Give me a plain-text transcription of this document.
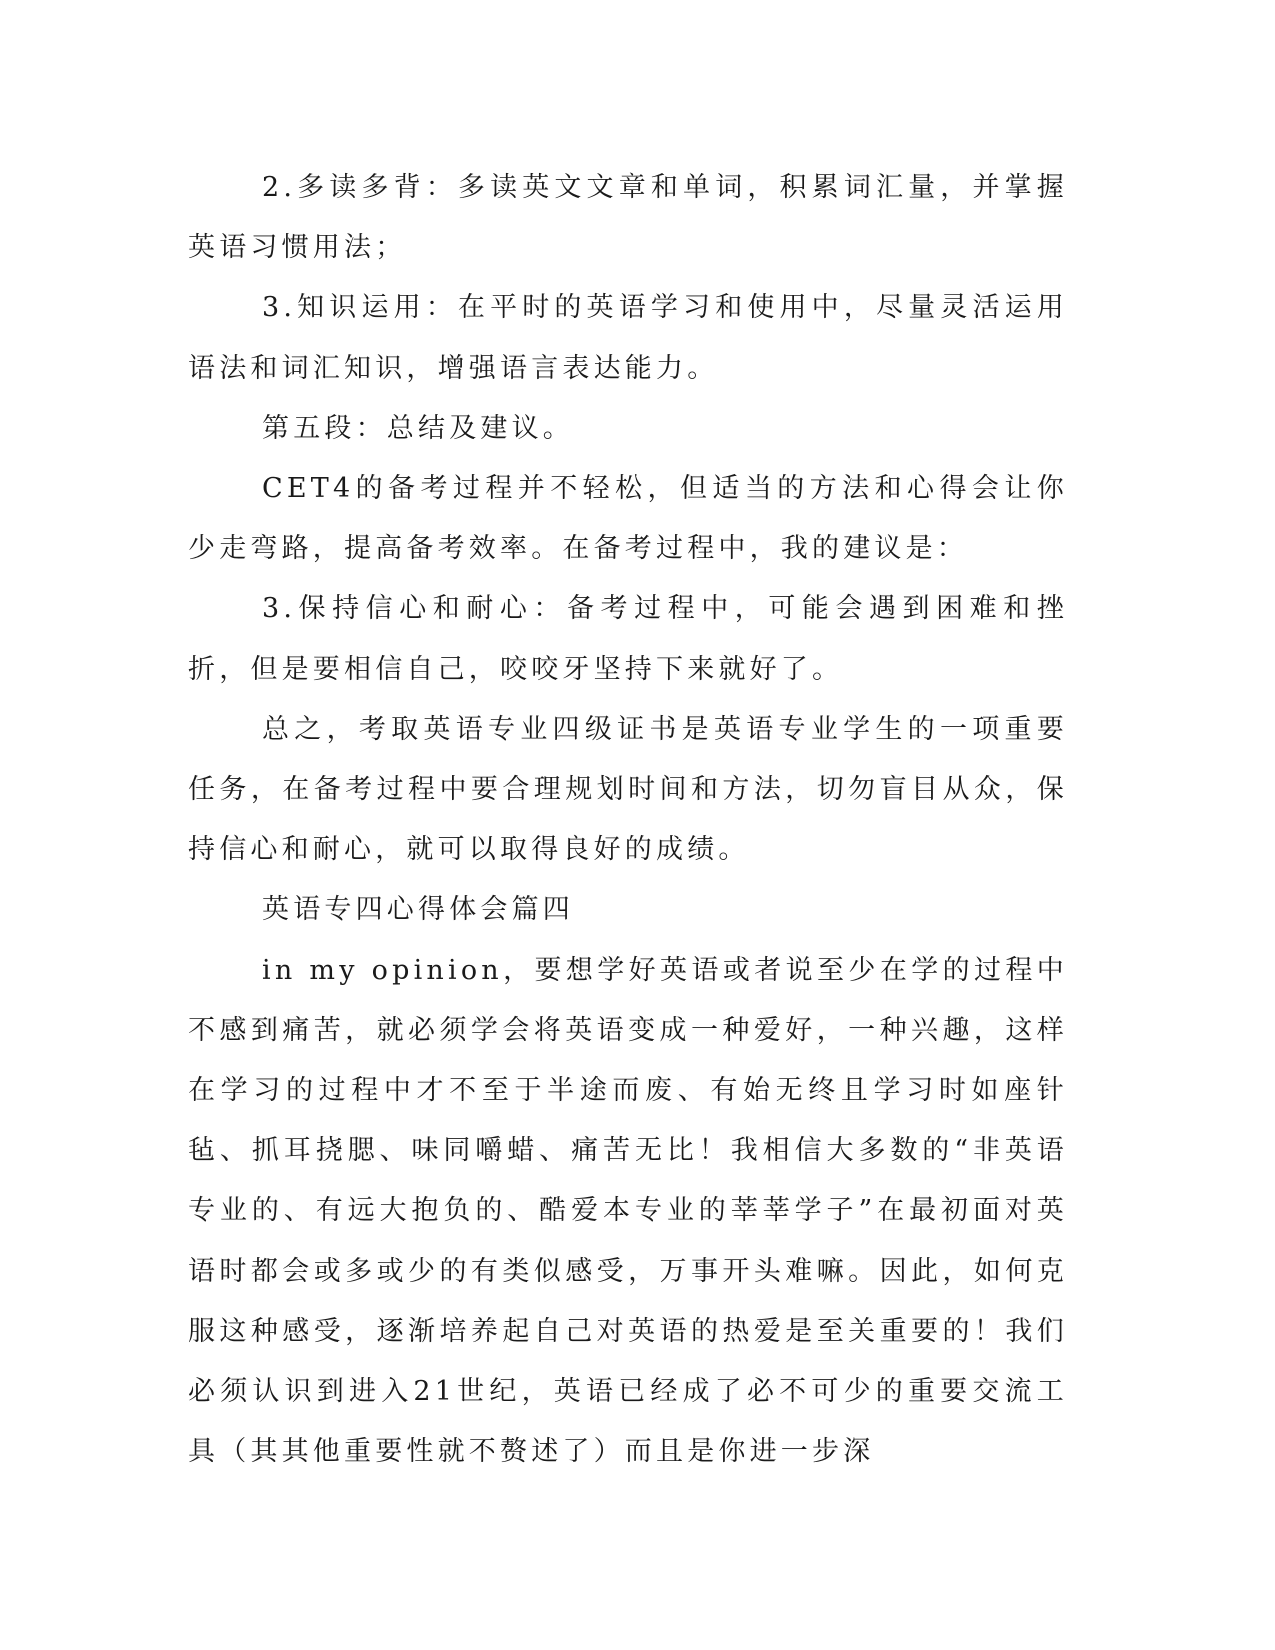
2.多读多背：多读英文文章和单词，积累词汇量，并掌握英语习惯用法；

3.知识运用：在平时的英语学习和使用中，尽量灵活运用语法和词汇知识，增强语言表达能力。

第五段：总结及建议。

CET4的备考过程并不轻松，但适当的方法和心得会让你少走弯路，提高备考效率。在备考过程中，我的建议是：

3.保持信心和耐心：备考过程中，可能会遇到困难和挫折，但是要相信自己，咬咬牙坚持下来就好了。

总之，考取英语专业四级证书是英语专业学生的一项重要任务，在备考过程中要合理规划时间和方法，切勿盲目从众，保持信心和耐心，就可以取得良好的成绩。

英语专四心得体会篇四

in my opinion，要想学好英语或者说至少在学的过程中不感到痛苦，就必须学会将英语变成一种爱好，一种兴趣，这样在学习的过程中才不至于半途而废、有始无终且学习时如座针毡、抓耳挠腮、味同嚼蜡、痛苦无比！我相信大多数的“非英语专业的、有远大抱负的、酷爱本专业的莘莘学子”在最初面对英语时都会或多或少的有类似感受，万事开头难嘛。因此，如何克服这种感受，逐渐培养起自己对英语的热爱是至关重要的！我们必须认识到进入21世纪，英语已经成了必不可少的重要交流工具（其其他重要性就不赘述了）而且是你进一步深
